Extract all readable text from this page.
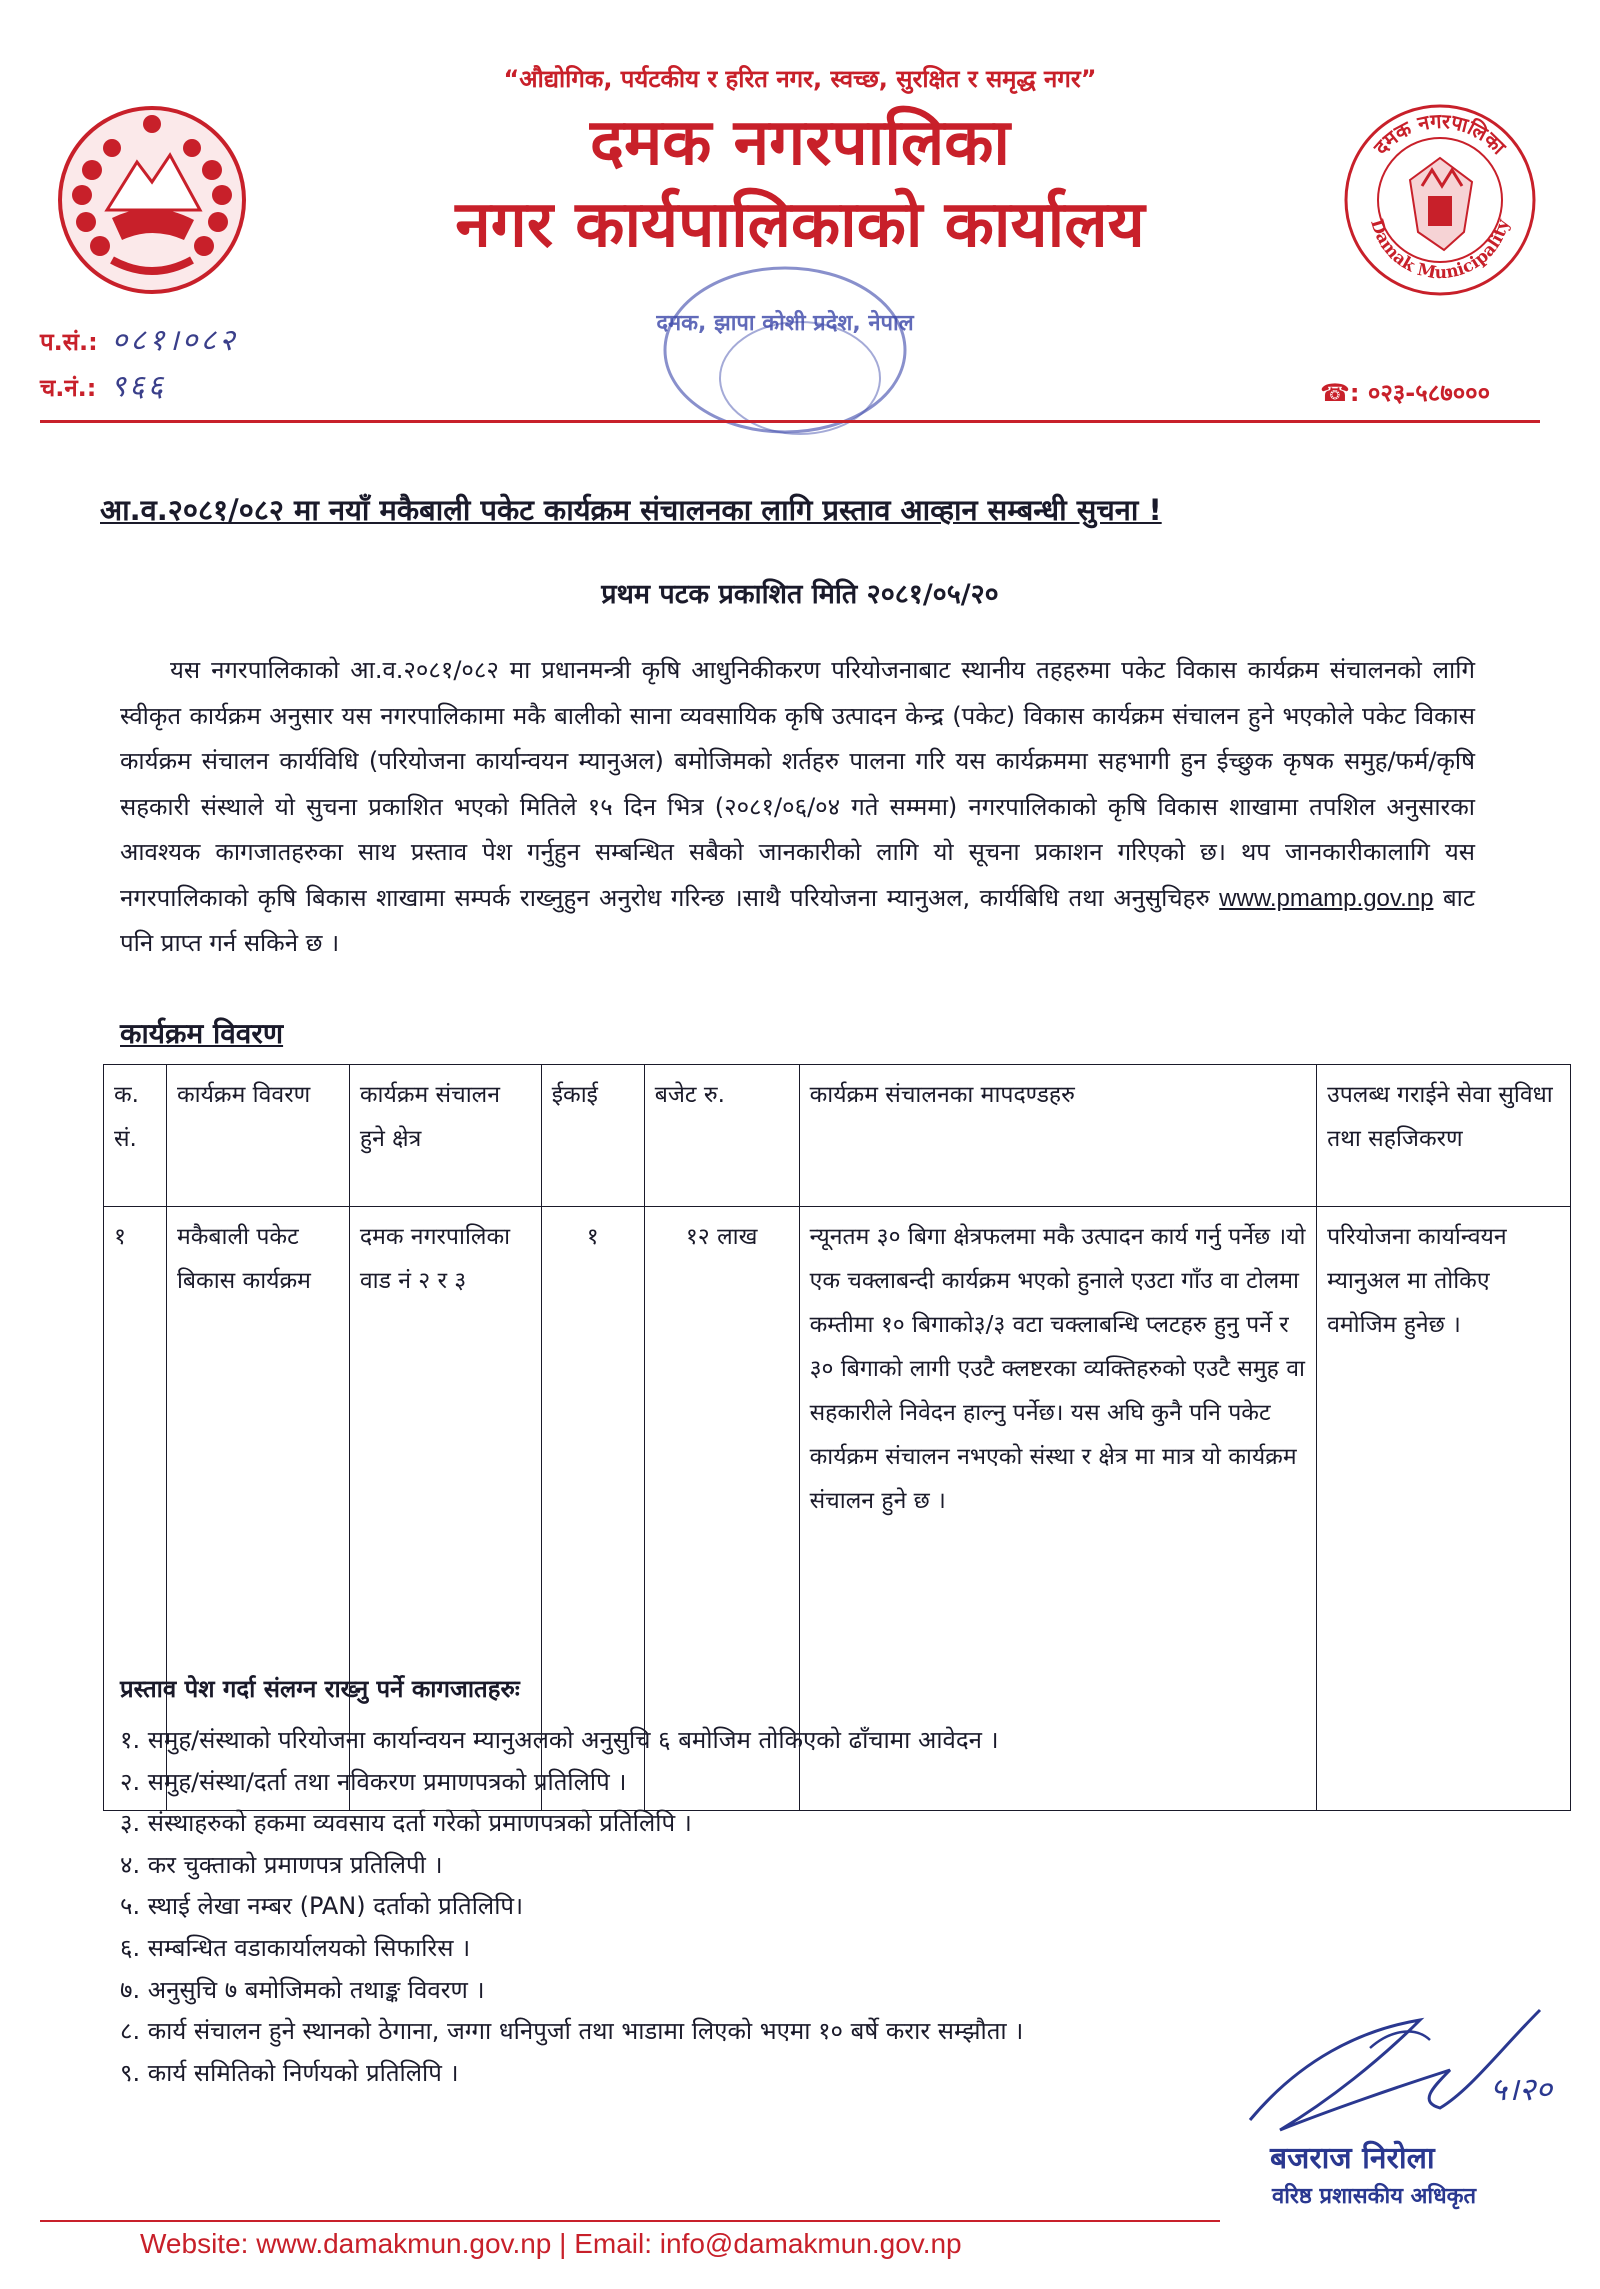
“औद्योगिक, पर्यटकीय र हरित नगर, स्वच्छ, सुरक्षित र समृद्ध नगर”
दमक नगरपालिका
Damak Municipality
दमक नगरपालिका
नगर कार्यपालिकाको कार्यालय
दमक, झापा कोशी प्रदेश, नेपाल
प.सं.: ०८१।०८२
च.नं.: ९६६	☎: ०२३-५८७०००
आ.व.२०८१/०८२ मा नयाँ मकैबाली पकेट कार्यक्रम संचालनका लागि प्रस्ताव आव्हान सम्बन्धी सुचना !
प्रथम पटक प्रकाशित मिति २०८१/०५/२०

यस नगरपालिकाको आ.व.२०८१/०८२ मा प्रधानमन्त्री कृषि आधुनिकीकरण परियोजनाबाट स्थानीय तहहरुमा पकेट विकास कार्यक्रम संचालनको लागि स्वीकृत कार्यक्रम अनुसार यस नगरपालिकामा मकै बालीको साना व्यवसायिक कृषि उत्पादन केन्द्र (पकेट) विकास कार्यक्रम संचालन हुने भएकोले पकेट विकास कार्यक्रम संचालन कार्यविधि (परियोजना कार्यान्वयन म्यानुअल) बमोजिमको शर्तहरु पालना गरि यस कार्यक्रममा सहभागी हुन ईच्छुक कृषक समुह/फर्म/कृषि सहकारी संस्थाले यो सुचना प्रकाशित भएको मितिले १५ दिन भित्र (२०८१/०६/०४ गते सम्ममा) नगरपालिकाको कृषि विकास शाखामा तपशिल अनुसारका आवश्यक कागजातहरुका साथ प्रस्ताव पेश गर्नुहुन सम्बन्धित सबैको जानकारीको लागि यो सूचना प्रकाशन गरिएको छ। थप जानकारीकालागि यस नगरपालिकाको कृषि बिकास शाखामा सम्पर्क राख्नुहुन अनुरोध गरिन्छ ।साथै परियोजना म्यानुअल, कार्यबिधि तथा अनुसुचिहरु www.pmamp.gov.np बाट पनि प्राप्त गर्न सकिने छ ।

कार्यक्रम विवरण
क. सं.	कार्यक्रम विवरण	कार्यक्रम संचालन हुने क्षेत्र	ईकाई	बजेट रु.	कार्यक्रम संचालनका मापदण्डहरु	उपलब्ध गराईने सेवा सुविधा तथा सहजिकरण
१	मकैबाली पकेट बिकास कार्यक्रम	दमक नगरपालिका वाड नं २ र ३	१	१२ लाख	न्यूनतम ३० बिगा क्षेत्रफलमा मकै उत्पादन कार्य गर्नु पर्नेछ ।यो एक चक्लाबन्दी कार्यक्रम भएको हुनाले एउटा गाँउ वा टोलमा कम्तीमा १० बिगाको३/३ वटा चक्लाबन्धि प्लटहरु हुनु पर्ने र ३० बिगाको लागी एउटै क्लष्टरका व्यक्तिहरुको एउटै समुह वा सहकारीले निवेदन हाल्नु पर्नेछ। यस अघि कुनै पनि पकेट कार्यक्रम संचालन नभएको संस्था र क्षेत्र मा मात्र यो कार्यक्रम संचालन हुने छ ।	परियोजना कार्यान्वयन म्यानुअल मा तोकिए वमोजिम हुनेछ ।
प्रस्ताव पेश गर्दा संलग्न राख्नु पर्ने कागजातहरुः
१. समुह/संस्थाको परियोजना कार्यान्वयन म्यानुअलको अनुसुचि ६ बमोजिम तोकिएको ढाँचामा आवेदन ।
२. समुह/संस्था/दर्ता तथा नविकरण प्रमाणपत्रको प्रतिलिपि ।
३. संस्थाहरुको हकमा व्यवसाय दर्ता गरेको प्रमाणपत्रको प्रतिलिपि ।
४. कर चुक्ताको प्रमाणपत्र प्रतिलिपी ।
५. स्थाई लेखा नम्बर (PAN) दर्ताको प्रतिलिपि।
६. सम्बन्धित वडाकार्यालयको सिफारिस ।
७. अनुसुचि ७ बमोजिमको तथाङ्क विवरण ।
८. कार्य संचालन हुने स्थानको ठेगाना, जग्गा धनिपुर्जा तथा भाडामा लिएको भएमा १० बर्षे करार सम्झौता ।
९. कार्य समितिको निर्णयको प्रतिलिपि ।	५।२०
बजराज निरोला
वरिष्ठ प्रशासकीय अधिकृत
Website: www.damakmun.gov.np | Email: info@damakmun.gov.np
